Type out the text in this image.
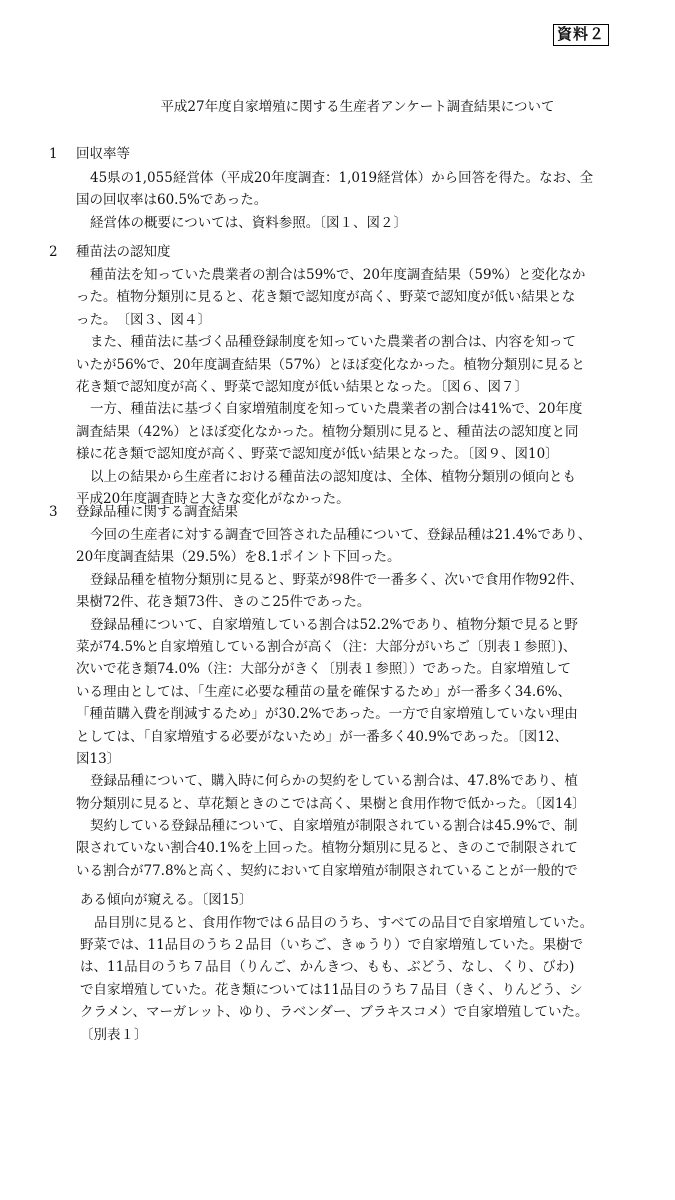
資料２
平成27年度自家増殖に関する生産者アンケート調査結果について
1 回収率等
45県の1,055経営体（平成20年度調査：1,019経営体）から回答を得た。なお、全
国の回収率は60.5%であった。
経営体の概要については、資料参照。〔図１、図２〕
2 種苗法の認知度
種苗法を知っていた農業者の割合は59%で、20年度調査結果（59%）と変化なか
った。植物分類別に見ると、花き類で認知度が高く、野菜で認知度が低い結果とな
った。　〔図３、図４〕
また、種苗法に基づく品種登録制度を知っていた農業者の割合は、内容を知って
いたが56%で、20年度調査結果（57%）とほぼ変化なかった。植物分類別に見ると
花き類で認知度が高く、野菜で認知度が低い結果となった。〔図６、図７〕
一方、種苗法に基づく自家増殖制度を知っていた農業者の割合は41%で、20年度
調査結果（42%）とほぼ変化なかった。植物分類別に見ると、種苗法の認知度と同
様に花き類で認知度が高く、野菜で認知度が低い結果となった。〔図９、図10〕
以上の結果から生産者における種苗法の認知度は、全体、植物分類別の傾向とも
平成20年度調査時と大きな変化がなかった。
3 登録品種に関する調査結果
今回の生産者に対する調査で回答された品種について、登録品種は21.4%であり、
20年度調査結果（29.5%）を8.1ポイント下回った。
登録品種を植物分類別に見ると、野菜が98件で一番多く、次いで食用作物92件、
果樹72件、花き類73件、きのこ25件であった。
登録品種について、自家増殖している割合は52.2%であり、植物分類で見ると野
菜が74.5%と自家増殖している割合が高く（注：大部分がいちご〔別表１参照〕)、
次いで花き類74.0%（注：大部分がきく〔別表１参照〕）であった。自家増殖して
いる理由としては、「生産に必要な種苗の量を確保するため」が一番多く34.6%、
「種苗購入費を削減するため」が30.2%であった。一方で自家増殖していない理由
としては、「自家増殖する必要がないため」が一番多く40.9%であった。〔図12、
図13〕
登録品種について、購入時に何らかの契約をしている割合は、47.8%であり、植
物分類別に見ると、草花類ときのこでは高く、果樹と食用作物で低かった。〔図14〕
契約している登録品種について、自家増殖が制限されている割合は45.9%で、制
限されていない割合40.1%を上回った。植物分類別に見ると、きのこで制限されて
いる割合が77.8%と高く、契約において自家増殖が制限されていることが一般的で
ある傾向が窺える。〔図15〕
品目別に見ると、食用作物では６品目のうち、すべての品目で自家増殖していた。
野菜では、11品目のうち２品目（いちご、きゅうり）で自家増殖していた。果樹で
は、11品目のうち７品目（りんご、かんきつ、もも、ぶどう、なし、くり、びわ)
で自家増殖していた。花き類については11品目のうち７品目（きく、りんどう、シ
クラメン、マーガレット、ゆり、ラベンダー、ブラキスコメ）で自家増殖していた。
〔別表１〕
